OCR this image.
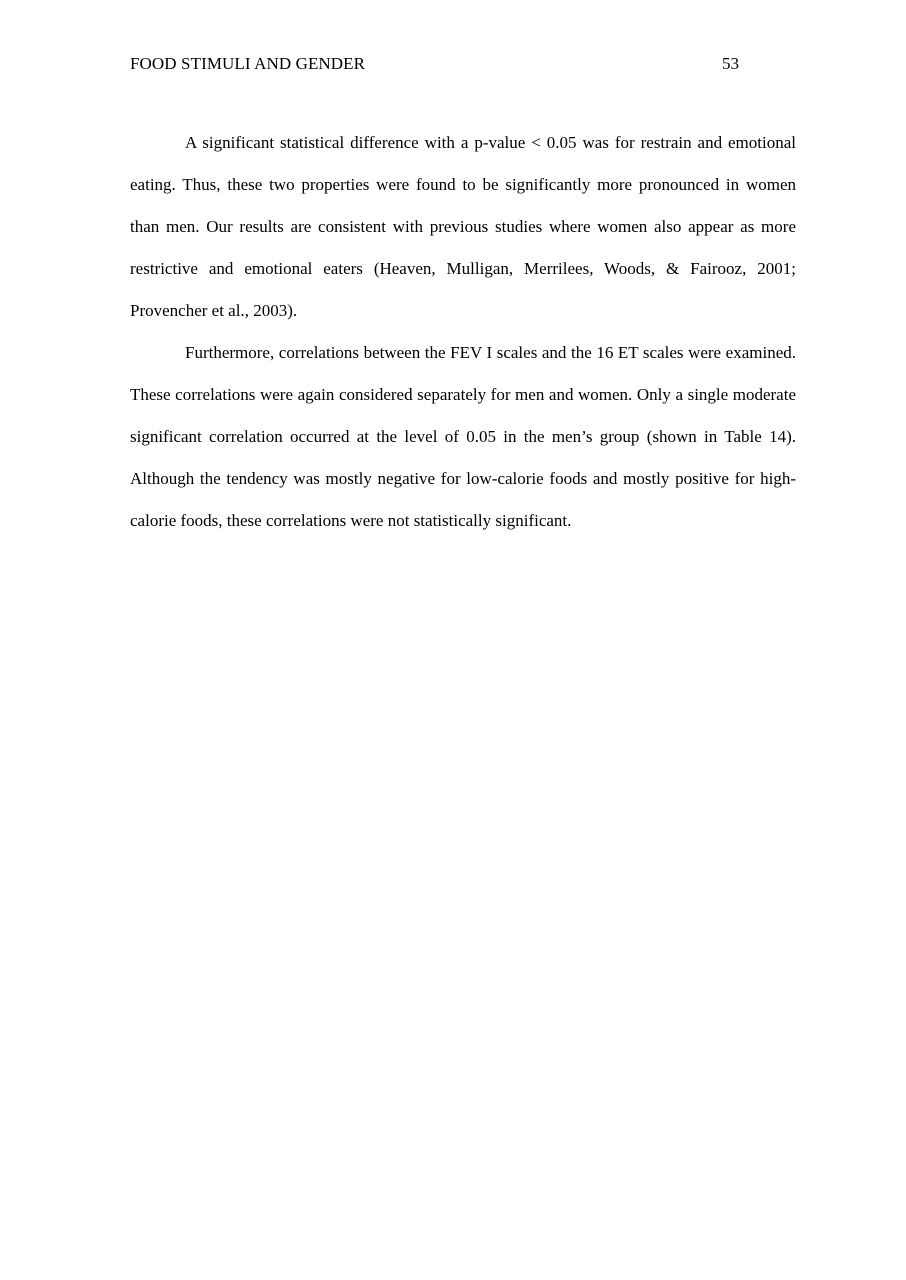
FOOD STIMULI AND GENDER	53

A significant statistical difference with a p-value < 0.05 was for restrain and emotional eating. Thus, these two properties were found to be significantly more pronounced in women than men. Our results are consistent with previous studies where women also appear as more restrictive and emotional eaters (Heaven, Mulligan, Merrilees, Woods, & Fairooz, 2001; Provencher et al., 2003).

Furthermore, correlations between the FEV I scales and the 16 ET scales were examined. These correlations were again considered separately for men and women. Only a single moderate significant correlation occurred at the level of 0.05 in the men’s group (shown in Table 14). Although the tendency was mostly negative for low-calorie foods and mostly positive for high-calorie foods, these correlations were not statistically significant.
